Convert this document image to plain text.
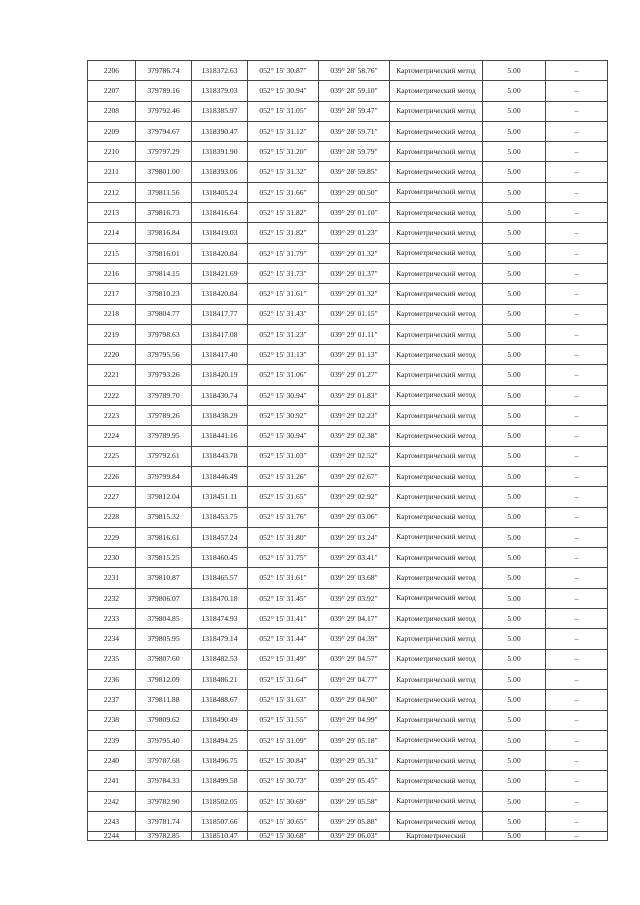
2206	379786.74	1318372.63	052° 15' 30.87"	039° 28' 58.76"	Картометрический метод	5.00	–
2207	379789.16	1318379.03	052° 15' 30.94"	039° 28' 59.10"	Картометрический метод	5.00	–
2208	379792.46	1318385.97	052° 15' 31.05"	039° 28' 59.47"	Картометрический метод	5.00	–
2209	379794.67	1318390.47	052° 15' 31.12"	039° 28' 59.71"	Картометрический метод	5.00	–
2210	379797.29	1318391.90	052° 15' 31.20"	039° 28' 59.79"	Картометрический метод	5.00	–
2211	379801.00	1318393.06	052° 15' 31.32"	039° 28' 59.85"	Картометрический метод	5.00	–
2212	379811.56	1318405.24	052° 15' 31.66"	039° 29' 00.50"	Картометрический метод	5.00	–
2213	379816.73	1318416.64	052° 15' 31.82"	039° 29' 01.10"	Картометрический метод	5.00	–
2214	379816.84	1318419.03	052° 15' 31.82"	039° 29' 01.23"	Картометрический метод	5.00	–
2215	379816.01	1318420.84	052° 15' 31.79"	039° 29' 01.32"	Картометрический метод	5.00	–
2216	379814.15	1318421.69	052° 15' 31.73"	039° 29' 01.37"	Картометрический метод	5.00	–
2217	379810.23	1318420.84	052° 15' 31.61"	039° 29' 01.32"	Картометрический метод	5.00	–
2218	379804.77	1318417.77	052° 15' 31.43"	039° 29' 01.15"	Картометрический метод	5.00	–
2219	379798.63	1318417.08	052° 15' 31.23"	039° 29' 01.11"	Картометрический метод	5.00	–
2220	379795.56	1318417.40	052° 15' 31.13"	039° 29' 01.13"	Картометрический метод	5.00	–
2221	379793.26	1318420.19	052° 15' 31.06"	039° 29' 01.27"	Картометрический метод	5.00	–
2222	379789.70	1318430.74	052° 15' 30.94"	039° 29' 01.83"	Картометрический метод	5.00	–
2223	379789.26	1318438.29	052° 15' 30.92"	039° 29' 02.23"	Картометрический метод	5.00	–
2224	379789.95	1318441.16	052° 15' 30.94"	039° 29' 02.38"	Картометрический метод	5.00	–
2225	379792.61	1318443.78	052° 15' 31.03"	039° 29' 02.52"	Картометрический метод	5.00	–
2226	379799.84	1318446.49	052° 15' 31.26"	039° 29' 02.67"	Картометрический метод	5.00	–
2227	379812.04	1318451.11	052° 15' 31.65"	039° 29' 02.92"	Картометрический метод	5.00	–
2228	379815.32	1318453.75	052° 15' 31.76"	039° 29' 03.06"	Картометрический метод	5.00	–
2229	379816.61	1318457.24	052° 15' 31.80"	039° 29' 03.24"	Картометрический метод	5.00	–
2230	379815.25	1318460.45	052° 15' 31.75"	039° 29' 03.41"	Картометрический метод	5.00	–
2231	379810.87	1318465.57	052° 15' 31.61"	039° 29' 03.68"	Картометрический метод	5.00	–
2232	379806.07	1318470.18	052° 15' 31.45"	039° 29' 03.92"	Картометрический метод	5.00	–
2233	379804.85	1318474.93	052° 15' 31.41"	039° 29' 04.17"	Картометрический метод	5.00	–
2234	379805.95	1318479.14	052° 15' 31.44"	039° 29' 04.39"	Картометрический метод	5.00	–
2235	379807.60	1318482.53	052° 15' 31.49"	039° 29' 04.57"	Картометрический метод	5.00	–
2236	379812.09	1318486.21	052° 15' 31.64"	039° 29' 04.77"	Картометрический метод	5.00	–
2237	379811.88	1318488.67	052° 15' 31.63"	039° 29' 04.90"	Картометрический метод	5.00	–
2238	379809.62	1318490.49	052° 15' 31.55"	039° 29' 04.99"	Картометрический метод	5.00	–
2239	379795.40	1318494.25	052° 15' 31.09"	039° 29' 05.18"	Картометрический метод	5.00	–
2240	379787.68	1318496.75	052° 15' 30.84"	039° 29' 05.31"	Картометрический метод	5.00	–
2241	379784.33	1318499.58	052° 15' 30.73"	039° 29' 05.45"	Картометрический метод	5.00	–
2242	379782.90	1318502.05	052° 15' 30.69"	039° 29' 05.58"	Картометрический метод	5.00	–
2243	379781.74	1318507.66	052° 15' 30.65"	039° 29' 05.88"	Картометрический метод	5.00	–
2244	379782.85	1318510.47	052° 15' 30.68"	039° 29' 06.03"	Картометрический	5.00	–
